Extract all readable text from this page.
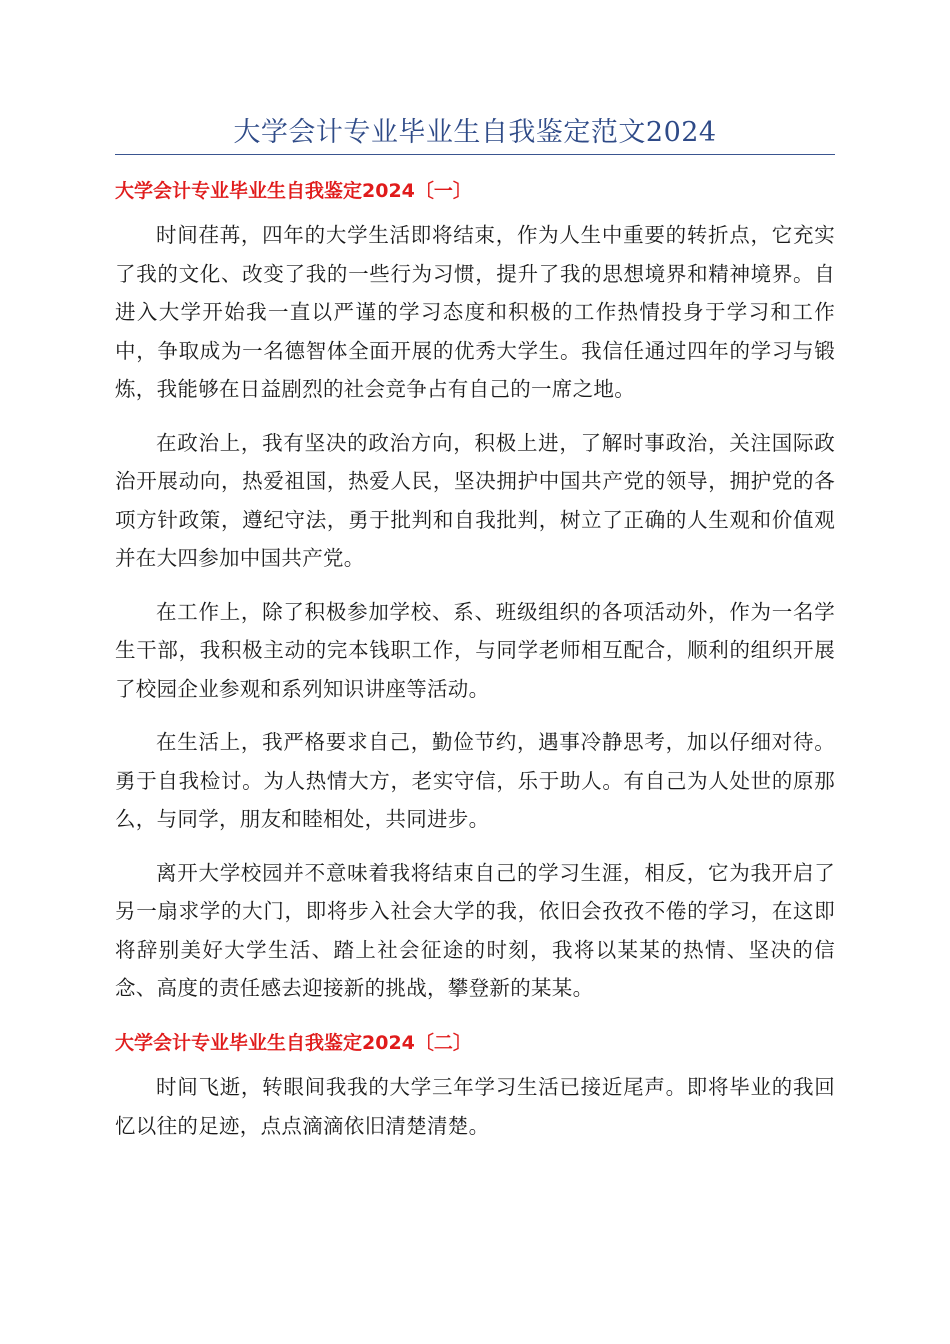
大学会计专业毕业生自我鉴定范文2024
大学会计专业毕业生自我鉴定2024〔一〕

时间荏苒，四年的大学生活即将结束，作为人生中重要的转折点，它充实了我的文化、改变了我的一些行为习惯，提升了我的思想境界和精神境界。自进入大学开始我一直以严谨的学习态度和积极的工作热情投身于学习和工作中，争取成为一名德智体全面开展的优秀大学生。我信任通过四年的学习与锻炼，我能够在日益剧烈的社会竞争占有自己的一席之地。

在政治上，我有坚决的政治方向，积极上进，了解时事政治，关注国际政治开展动向，热爱祖国，热爱人民，坚决拥护中国共产党的领导，拥护党的各项方针政策，遵纪守法，勇于批判和自我批判，树立了正确的人生观和价值观并在大四参加中国共产党。

在工作上，除了积极参加学校、系、班级组织的各项活动外，作为一名学生干部，我积极主动的完本钱职工作，与同学老师相互配合，顺利的组织开展了校园企业参观和系列知识讲座等活动。

在生活上，我严格要求自己，勤俭节约，遇事冷静思考，加以仔细对待。勇于自我检讨。为人热情大方，老实守信，乐于助人。有自己为人处世的原那么，与同学，朋友和睦相处，共同进步。

离开大学校园并不意味着我将结束自己的学习生涯，相反，它为我开启了另一扇求学的大门，即将步入社会大学的我，依旧会孜孜不倦的学习，在这即将辞别美好大学生活、踏上社会征途的时刻，我将以某某的热情、坚决的信念、高度的责任感去迎接新的挑战，攀登新的某某。

大学会计专业毕业生自我鉴定2024〔二〕

时间飞逝，转眼间我我的大学三年学习生活已接近尾声。即将毕业的我回忆以往的足迹，点点滴滴依旧清楚清楚。
